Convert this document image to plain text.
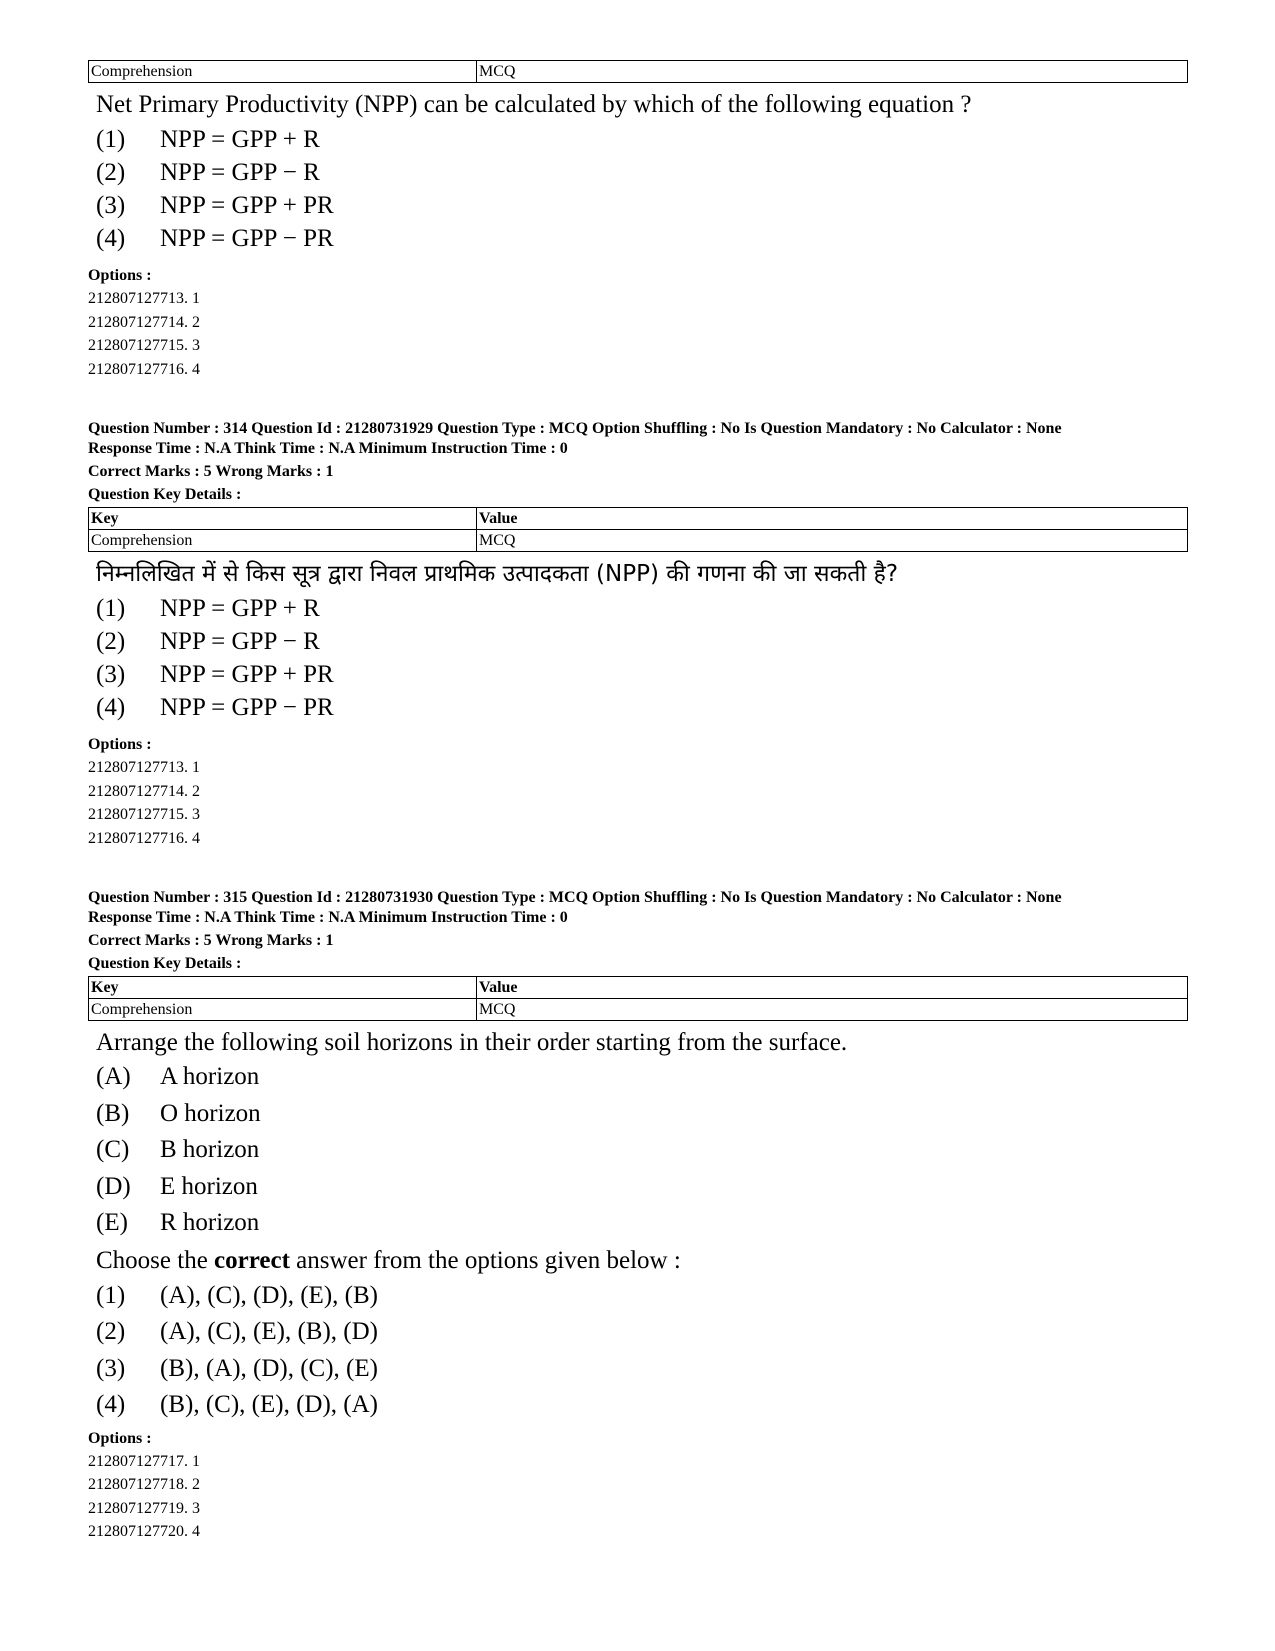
Comprehension	MCQ
Net Primary Productivity (NPP) can be calculated by which of the following equation ?
(1)	NPP = GPP + R
(2)	NPP = GPP − R
(3)	NPP = GPP + PR
(4)	NPP = GPP − PR
Options :
212807127713. 1
212807127714. 2
212807127715. 3
212807127716. 4
Question Number : 314 Question Id : 21280731929 Question Type : MCQ Option Shuffling : No Is Question Mandatory : No Calculator : None
Response Time : N.A Think Time : N.A Minimum Instruction Time : 0
Correct Marks : 5 Wrong Marks : 1
Question Key Details :
Key	Value
Comprehension	MCQ
निम्नलिखित में से किस सूत्र द्वारा निवल प्राथमिक उत्पादकता (NPP) की गणना की जा सकती है?
(1)	NPP = GPP + R
(2)	NPP = GPP − R
(3)	NPP = GPP + PR
(4)	NPP = GPP − PR
Options :
212807127713. 1
212807127714. 2
212807127715. 3
212807127716. 4
Question Number : 315 Question Id : 21280731930 Question Type : MCQ Option Shuffling : No Is Question Mandatory : No Calculator : None
Response Time : N.A Think Time : N.A Minimum Instruction Time : 0
Correct Marks : 5 Wrong Marks : 1
Question Key Details :
Key	Value
Comprehension	MCQ
Arrange the following soil horizons in their order starting from the surface.
(A)	A horizon
(B)	O horizon
(C)	B horizon
(D)	E horizon
(E)	R horizon
Choose the correct answer from the options given below :
(1)	(A), (C), (D), (E), (B)
(2)	(A), (C), (E), (B), (D)
(3)	(B), (A), (D), (C), (E)
(4)	(B), (C), (E), (D), (A)
Options :
212807127717. 1
212807127718. 2
212807127719. 3
212807127720. 4
